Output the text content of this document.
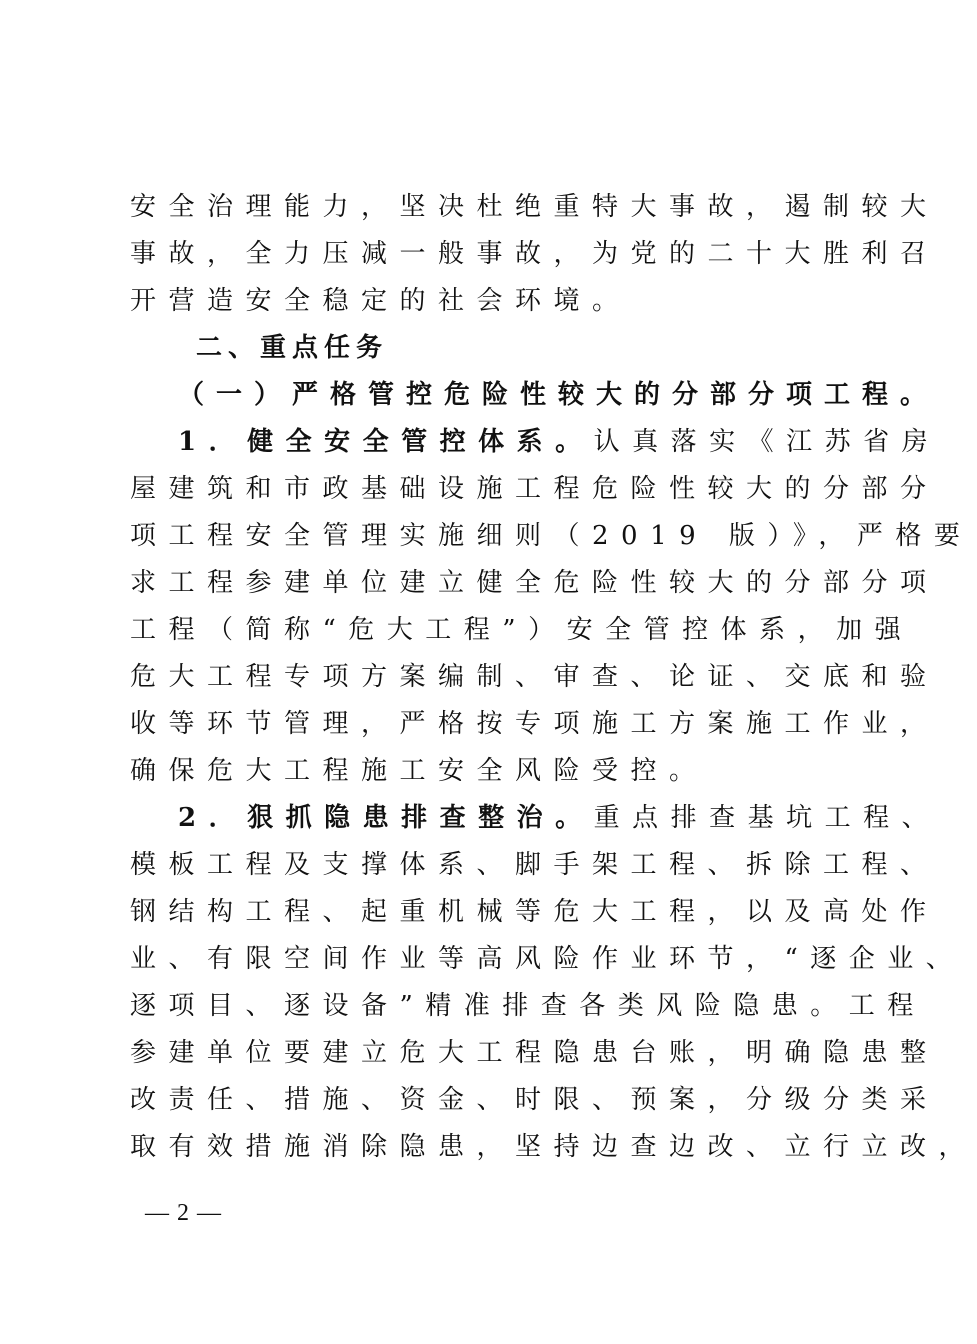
安全治理能力，坚决杜绝重特大事故，遏制较大
事故，全力压减一般事故，为党的二十大胜利召
开营造安全稳定的社会环境。
二、重点任务
（一）严格管控危险性较大的分部分项工程。
1．健全安全管控体系。认真落实《江苏省房
屋建筑和市政基础设施工程危险性较大的分部分
项工程安全管理实施细则（2019 版）》，严格要
求工程参建单位建立健全危险性较大的分部分项
工程（简称“危大工程”）安全管控体系，加强
危大工程专项方案编制、审查、论证、交底和验
收等环节管理，严格按专项施工方案施工作业，
确保危大工程施工安全风险受控。
2．狠抓隐患排查整治。重点排查基坑工程、
模板工程及支撑体系、脚手架工程、拆除工程、
钢结构工程、起重机械等危大工程，以及高处作
业、有限空间作业等高风险作业环节，“逐企业、
逐项目、逐设备”精准排查各类风险隐患。工程
参建单位要建立危大工程隐患台账，明确隐患整
改责任、措施、资金、时限、预案，分级分类采
取有效措施消除隐患，坚持边查边改、立行立改，
— 2 —
